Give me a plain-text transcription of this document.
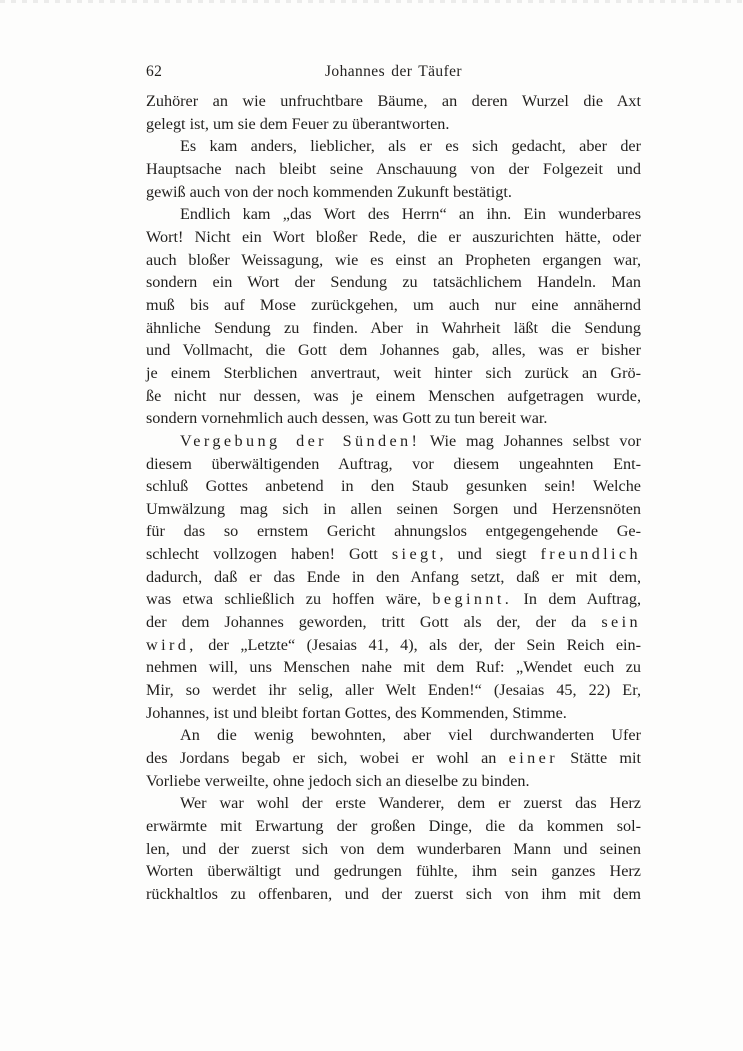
62	Johannes der Täufer
Zuhörer an wie unfruchtbare Bäume, an deren Wurzel die Axt
gelegt ist, um sie dem Feuer zu überantworten.
Es kam anders, lieblicher, als er es sich gedacht, aber der
Hauptsache nach bleibt seine Anschauung von der Folgezeit und
gewiß auch von der noch kommenden Zukunft bestätigt.
Endlich kam „das Wort des Herrn“ an ihn. Ein wunderbares
Wort! Nicht ein Wort bloßer Rede, die er auszurichten hätte, oder
auch bloßer Weissagung, wie es einst an Propheten ergangen war,
sondern ein Wort der Sendung zu tatsächlichem Handeln. Man
muß bis auf Mose zurückgehen, um auch nur eine annähernd
ähnliche Sendung zu finden. Aber in Wahrheit läßt die Sendung
und Vollmacht, die Gott dem Johannes gab, alles, was er bisher
je einem Sterblichen anvertraut, weit hinter sich zurück an Grö-
ße nicht nur dessen, was je einem Menschen aufgetragen wurde,
sondern vornehmlich auch dessen, was Gott zu tun bereit war.
Vergebung der Sünden! Wie mag Johannes selbst vor
diesem überwältigenden Auftrag, vor diesem ungeahnten Ent-
schluß Gottes anbetend in den Staub gesunken sein! Welche
Umwälzung mag sich in allen seinen Sorgen und Herzensnöten
für das so ernstem Gericht ahnungslos entgegengehende Ge-
schlecht vollzogen haben! Gott siegt, und siegt freundlich
dadurch, daß er das Ende in den Anfang setzt, daß er mit dem,
was etwa schließlich zu hoffen wäre, beginnt. In dem Auftrag,
der dem Johannes geworden, tritt Gott als der, der da sein
wird, der „Letzte“ (Jesaias 41, 4), als der, der Sein Reich ein-
nehmen will, uns Menschen nahe mit dem Ruf: „Wendet euch zu
Mir, so werdet ihr selig, aller Welt Enden!“ (Jesaias 45, 22) Er,
Johannes, ist und bleibt fortan Gottes, des Kommenden, Stimme.
An die wenig bewohnten, aber viel durchwanderten Ufer
des Jordans begab er sich, wobei er wohl an einer Stätte mit
Vorliebe verweilte, ohne jedoch sich an dieselbe zu binden.
Wer war wohl der erste Wanderer, dem er zuerst das Herz
erwärmte mit Erwartung der großen Dinge, die da kommen sol-
len, und der zuerst sich von dem wunderbaren Mann und seinen
Worten überwältigt und gedrungen fühlte, ihm sein ganzes Herz
rückhaltlos zu offenbaren, und der zuerst sich von ihm mit dem
